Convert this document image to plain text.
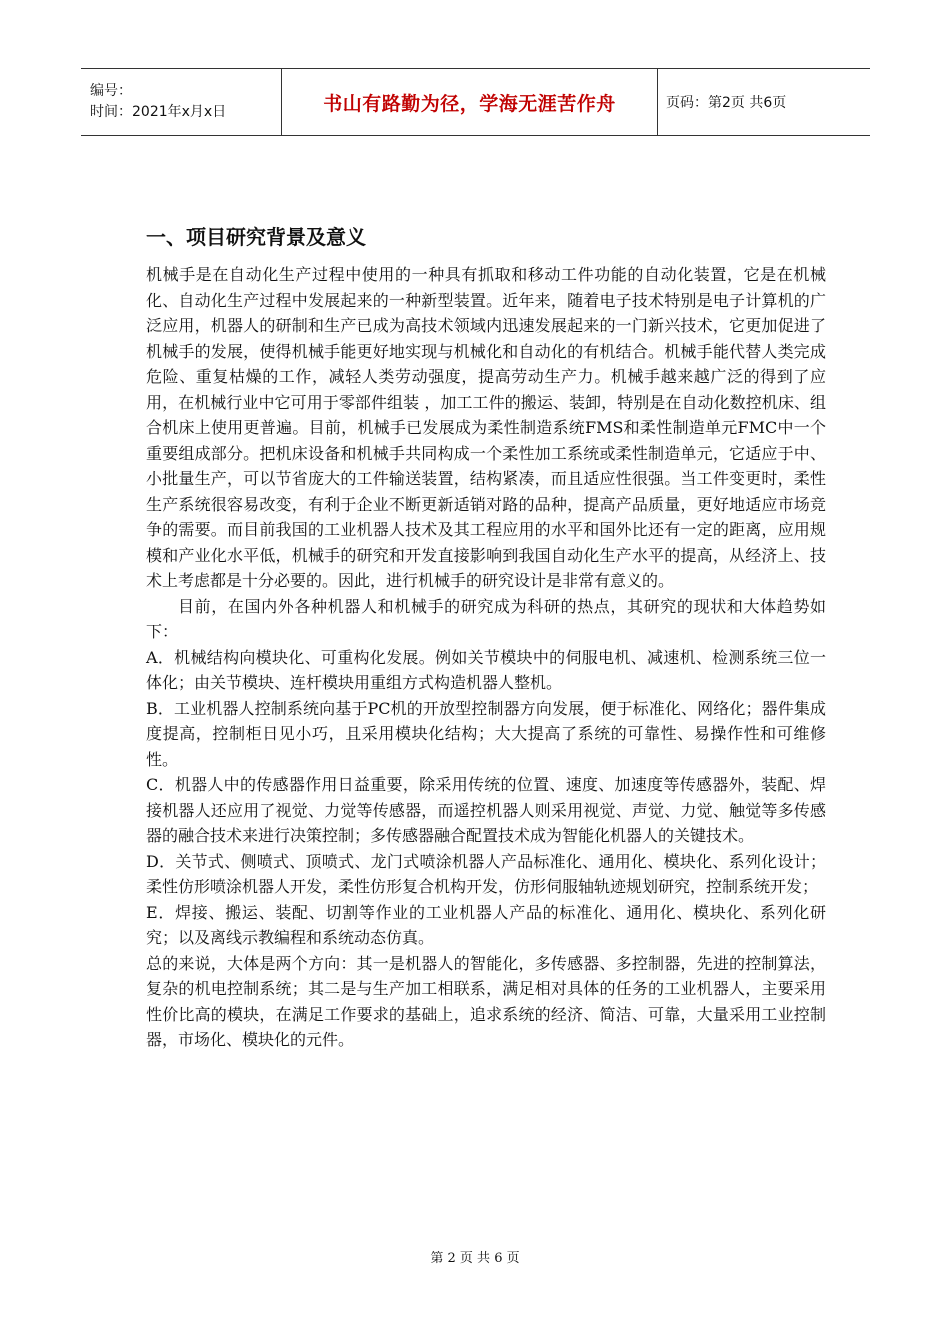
编号：
时间：2021年x月x日	书山有路勤为径，学海无涯苦作舟	页码：第2页 共6页
一、项目研究背景及意义

机械手是在自动化生产过程中使用的一种具有抓取和移动工件功能的自动化装置，它是在机械化、自动化生产过程中发展起来的一种新型装置。近年来，随着电子技术特别是电子计算机的广泛应用，机器人的研制和生产已成为高技术领域内迅速发展起来的一门新兴技术，它更加促进了机械手的发展，使得机械手能更好地实现与机械化和自动化的有机结合。机械手能代替人类完成危险、重复枯燥的工作，减轻人类劳动强度，提高劳动生产力。机械手越来越广泛的得到了应用，在机械行业中它可用于零部件组装 ，加工工件的搬运、装卸，特别是在自动化数控机床、组合机床上使用更普遍。目前，机械手已发展成为柔性制造系统FMS和柔性制造单元FMC中一个重要组成部分。把机床设备和机械手共同构成一个柔性加工系统或柔性制造单元，它适应于中、小批量生产，可以节省庞大的工件输送装置，结构紧凑，而且适应性很强。当工件变更时，柔性生产系统很容易改变，有利于企业不断更新适销对路的品种，提高产品质量，更好地适应市场竞争的需要。而目前我国的工业机器人技术及其工程应用的水平和国外比还有一定的距离，应用规模和产业化水平低，机械手的研究和开发直接影响到我国自动化生产水平的提高，从经济上、技术上考虑都是十分必要的。因此，进行机械手的研究设计是非常有意义的。

目前，在国内外各种机器人和机械手的研究成为科研的热点，其研究的现状和大体趋势如下：

A．机械结构向模块化、可重构化发展。例如关节模块中的伺服电机、减速机、检测系统三位一体化；由关节模块、连杆模块用重组方式构造机器人整机。

B．工业机器人控制系统向基于PC机的开放型控制器方向发展，便于标准化、网络化；器件集成度提高，控制柜日见小巧，且采用模块化结构；大大提高了系统的可靠性、易操作性和可维修性。

C．机器人中的传感器作用日益重要，除采用传统的位置、速度、加速度等传感器外，装配、焊接机器人还应用了视觉、力觉等传感器，而遥控机器人则采用视觉、声觉、力觉、触觉等多传感器的融合技术来进行决策控制；多传感器融合配置技术成为智能化机器人的关键技术。

D．关节式、侧喷式、顶喷式、龙门式喷涂机器人产品标准化、通用化、模块化、系列化设计；柔性仿形喷涂机器人开发，柔性仿形复合机构开发，仿形伺服轴轨迹规划研究，控制系统开发；

E．焊接、搬运、装配、切割等作业的工业机器人产品的标准化、通用化、模块化、系列化研究；以及离线示教编程和系统动态仿真。

总的来说，大体是两个方向：其一是机器人的智能化，多传感器、多控制器，先进的控制算法，复杂的机电控制系统；其二是与生产加工相联系，满足相对具体的任务的工业机器人，主要采用性价比高的模块，在满足工作要求的基础上，追求系统的经济、简洁、可靠，大量采用工业控制器，市场化、模块化的元件。

第 2 页 共 6 页
